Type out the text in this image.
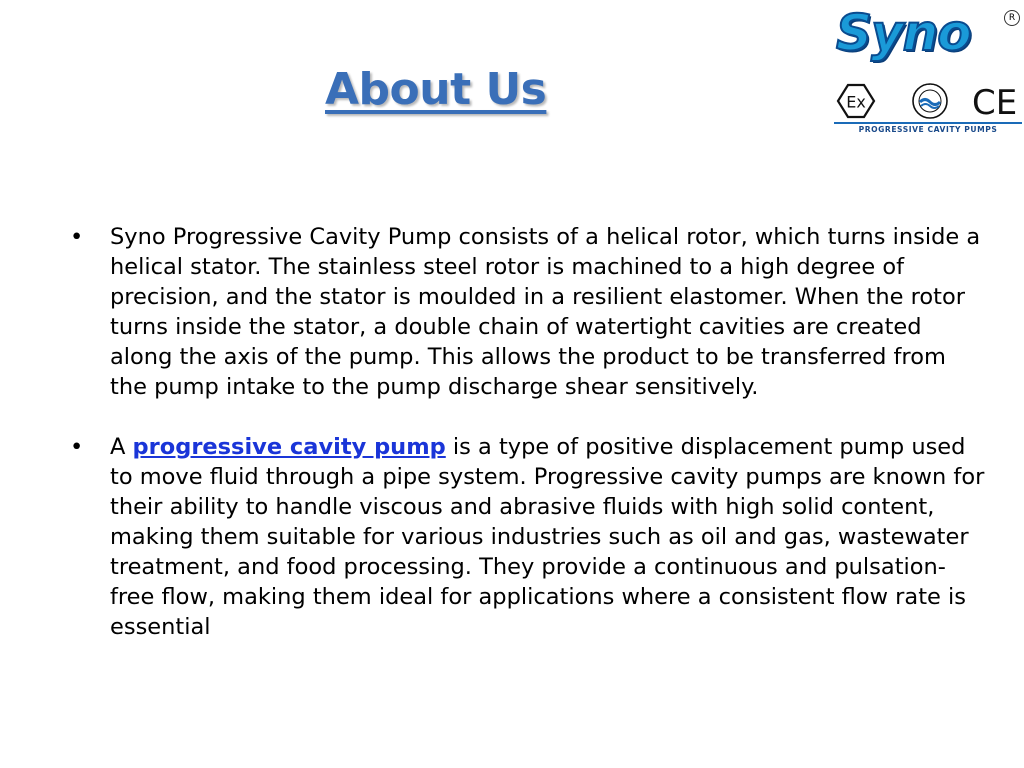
About Us
Syno	R
Ex	CE
PROGRESSIVE CAVITY PUMPS
• Syno Progressive Cavity Pump consists of a helical rotor, which turns inside a helical stator. The stainless steel rotor is machined to a high degree of precision, and the stator is moulded in a resilient elastomer. When the rotor turns inside the stator, a double chain of watertight cavities are created along the axis of the pump. This allows the product to be transferred from the pump intake to the pump discharge shear sensitively.
• A progressive cavity pump is a type of positive displacement pump used to move fluid through a pipe system. Progressive cavity pumps are known for their ability to handle viscous and abrasive fluids with high solid content, making them suitable for various industries such as oil and gas, wastewater treatment, and food processing. They provide a continuous and pulsation-free flow, making them ideal for applications where a consistent flow rate is essential
